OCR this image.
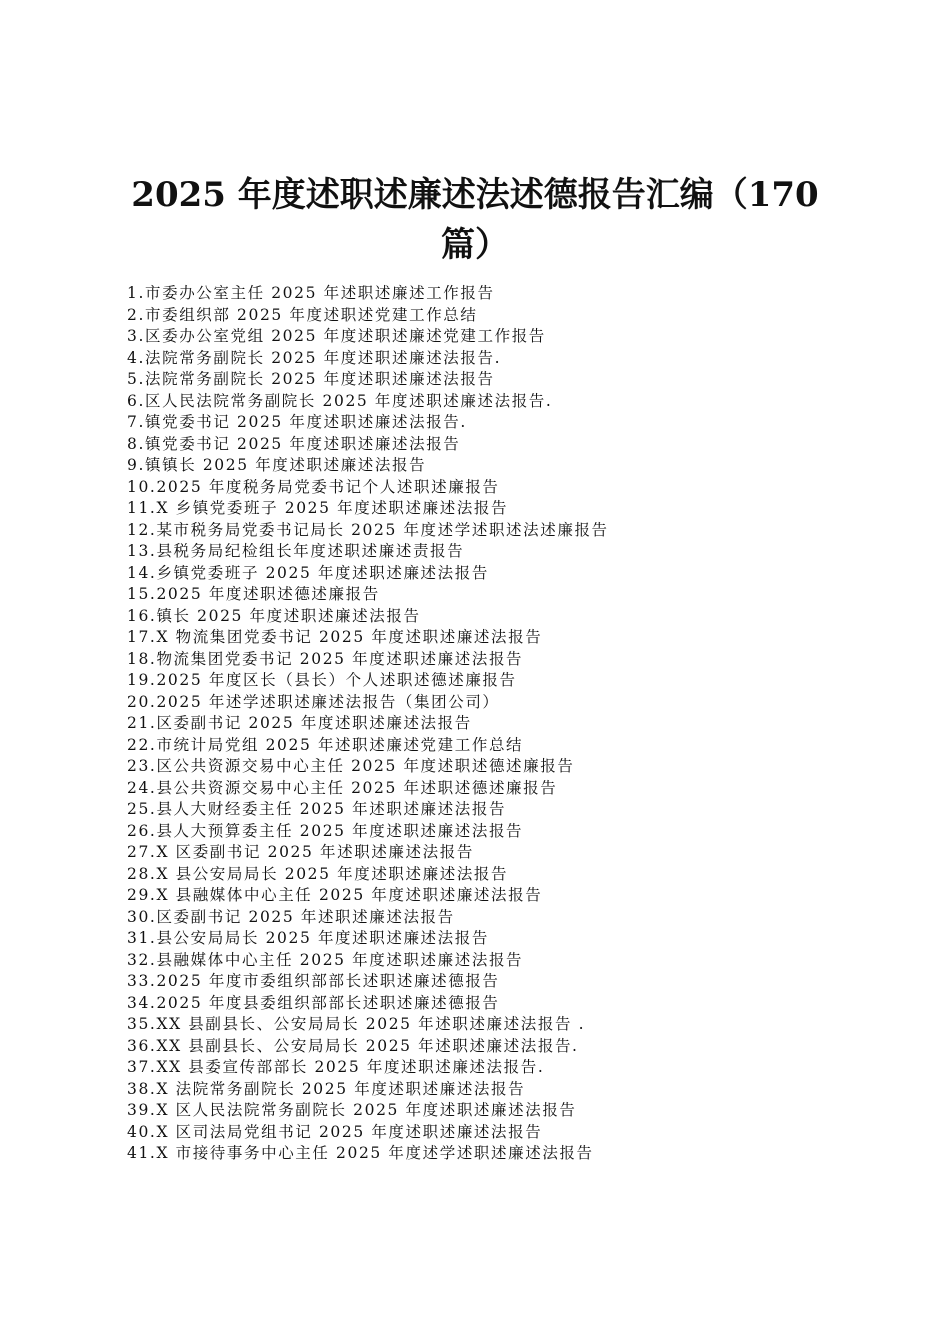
2025 年度述职述廉述法述德报告汇编（170 篇）
1.市委办公室主任 2025 年述职述廉述工作报告
2.市委组织部 2025 年度述职述党建工作总结
3.区委办公室党组 2025 年度述职述廉述党建工作报告
4.法院常务副院长 2025 年度述职述廉述法报告.
5.法院常务副院长 2025 年度述职述廉述法报告
6.区人民法院常务副院长 2025 年度述职述廉述法报告.
7.镇党委书记 2025 年度述职述廉述法报告.
8.镇党委书记 2025 年度述职述廉述法报告
9.镇镇长 2025 年度述职述廉述法报告
10.2025 年度税务局党委书记个人述职述廉报告
11.X 乡镇党委班子 2025 年度述职述廉述法报告
12.某市税务局党委书记局长 2025 年度述学述职述法述廉报告
13.县税务局纪检组长年度述职述廉述责报告
14.乡镇党委班子 2025 年度述职述廉述法报告
15.2025 年度述职述德述廉报告
16.镇长 2025 年度述职述廉述法报告
17.X 物流集团党委书记 2025 年度述职述廉述法报告
18.物流集团党委书记 2025 年度述职述廉述法报告
19.2025 年度区长（县长）个人述职述德述廉报告
20.2025 年述学述职述廉述法报告（集团公司）
21.区委副书记 2025 年度述职述廉述法报告
22.市统计局党组 2025 年述职述廉述党建工作总结
23.区公共资源交易中心主任 2025 年度述职述德述廉报告
24.县公共资源交易中心主任 2025 年述职述德述廉报告
25.县人大财经委主任 2025 年述职述廉述法报告
26.县人大预算委主任 2025 年度述职述廉述法报告
27.X 区委副书记 2025 年述职述廉述法报告
28.X 县公安局局长 2025 年度述职述廉述法报告
29.X 县融媒体中心主任 2025 年度述职述廉述法报告
30.区委副书记 2025 年述职述廉述法报告
31.县公安局局长 2025 年度述职述廉述法报告
32.县融媒体中心主任 2025 年度述职述廉述法报告
33.2025 年度市委组织部部长述职述廉述德报告
34.2025 年度县委组织部部长述职述廉述德报告
35.XX 县副县长、公安局局长 2025 年述职述廉述法报告 .
36.XX 县副县长、公安局局长 2025 年述职述廉述法报告.
37.XX 县委宣传部部长 2025 年度述职述廉述法报告.
38.X 法院常务副院长 2025 年度述职述廉述法报告
39.X 区人民法院常务副院长 2025 年度述职述廉述法报告
40.X 区司法局党组书记 2025 年度述职述廉述法报告
41.X 市接待事务中心主任 2025 年度述学述职述廉述法报告
